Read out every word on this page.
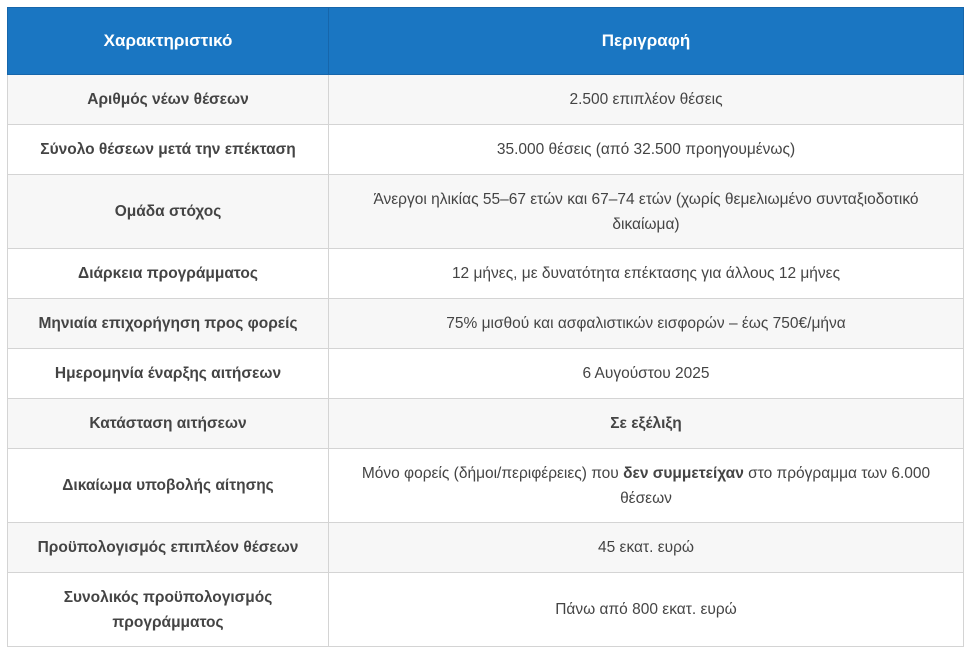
Χαρακτηριστικό	Περιγραφή
Αριθμός νέων θέσεων	2.500 επιπλέον θέσεις
Σύνολο θέσεων μετά την επέκταση	35.000 θέσεις (από 32.500 προηγουμένως)
Ομάδα στόχος	Άνεργοι ηλικίας 55–67 ετών και 67–74 ετών (χωρίς θεμελιωμένο συνταξιοδοτικό δικαίωμα)
Διάρκεια προγράμματος	12 μήνες, με δυνατότητα επέκτασης για άλλους 12 μήνες
Μηνιαία επιχορήγηση προς φορείς	75% μισθού και ασφαλιστικών εισφορών – έως 750€/μήνα
Ημερομηνία έναρξης αιτήσεων	6 Αυγούστου 2025
Κατάσταση αιτήσεων	Σε εξέλιξη
Δικαίωμα υποβολής αίτησης	Μόνο φορείς (δήμοι/περιφέρειες) που δεν συμμετείχαν στο πρόγραμμα των 6.000 θέσεων
Προϋπολογισμός επιπλέον θέσεων	45 εκατ. ευρώ
Συνολικός προϋπολογισμός προγράμματος	Πάνω από 800 εκατ. ευρώ
